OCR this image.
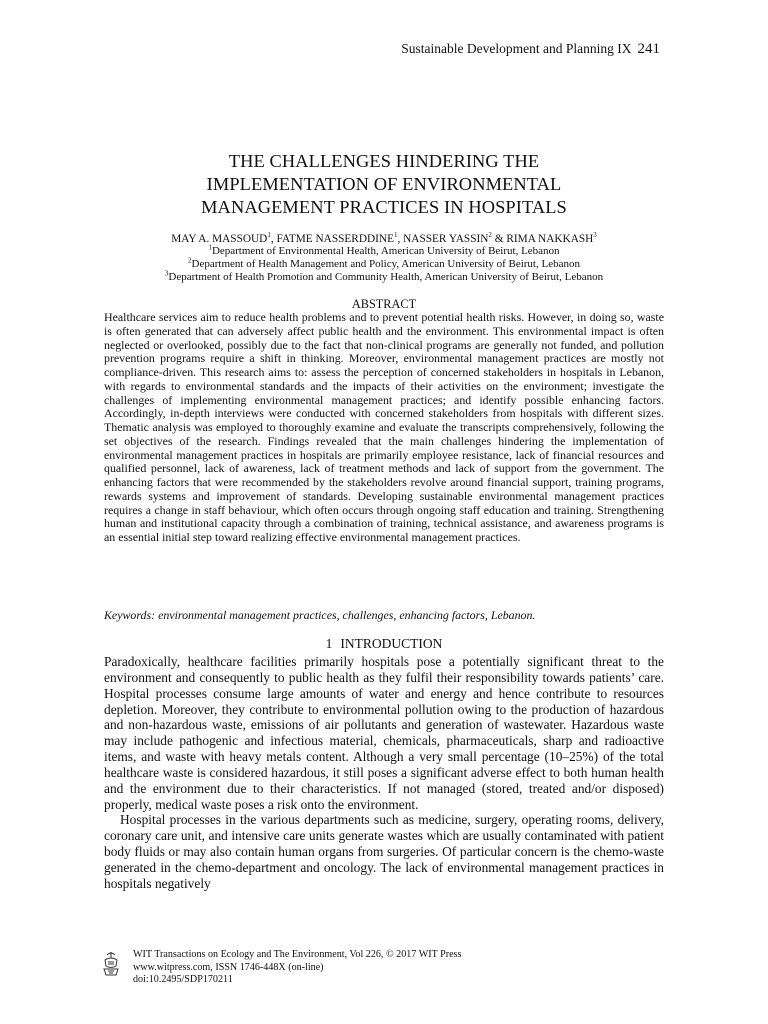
Sustainable Development and Planning IX 241
THE CHALLENGES HINDERING THE
IMPLEMENTATION OF ENVIRONMENTAL
MANAGEMENT PRACTICES IN HOSPITALS
MAY A. MASSOUD$^1$, FATME NASSERDDINE$^1$, NASSER YASSIN$^2$ & RIMA NAKKASH$^3$
$^1$Department of Environmental Health, American University of Beirut, Lebanon
$^2$Department of Health Management and Policy, American University of Beirut, Lebanon
$^3$Department of Health Promotion and Community Health, American University of Beirut, Lebanon
ABSTRACT

Healthcare services aim to reduce health problems and to prevent potential health risks. However, in doing so, waste is often generated that can adversely affect public health and the environment. This environmental impact is often neglected or overlooked, possibly due to the fact that non-clinical programs are generally not funded, and pollution prevention programs require a shift in thinking. Moreover, environmental management practices are mostly not compliance-driven. This research aims to: assess the perception of concerned stakeholders in hospitals in Lebanon, with regards to environmental standards and the impacts of their activities on the environment; investigate the challenges of implementing environmental management practices; and identify possible enhancing factors. Accordingly, in-depth interviews were conducted with concerned stakeholders from hospitals with different sizes. Thematic analysis was employed to thoroughly examine and evaluate the transcripts comprehensively, following the set objectives of the research. Findings revealed that the main challenges hindering the implementation of environmental management practices in hospitals are primarily employee resistance, lack of financial resources and qualified personnel, lack of awareness, lack of treatment methods and lack of support from the government. The enhancing factors that were recommended by the stakeholders revolve around financial support, training programs, rewards systems and improvement of standards. Developing sustainable environmental management practices requires a change in staff behaviour, which often occurs through ongoing staff education and training. Strengthening human and institutional capacity through a combination of training, technical assistance, and awareness programs is an essential initial step toward realizing effective environmental management practices.

Keywords: environmental management practices, challenges, enhancing factors, Lebanon.

1 INTRODUCTION

Paradoxically, healthcare facilities primarily hospitals pose a potentially significant threat to the environment and consequently to public health as they fulfil their responsibility towards patients’ care. Hospital processes consume large amounts of water and energy and hence contribute to resources depletion. Moreover, they contribute to environmental pollution owing to the production of hazardous and non-hazardous waste, emissions of air pollutants and generation of wastewater. Hazardous waste may include pathogenic and infectious material, chemicals, pharmaceuticals, sharp and radioactive items, and waste with heavy metals content. Although a very small percentage (10–25%) of the total healthcare waste is considered hazardous, it still poses a significant adverse effect to both human health and the environment due to their characteristics. If not managed (stored, treated and/or disposed) properly, medical waste poses a risk onto the environment.

Hospital processes in the various departments such as medicine, surgery, operating rooms, delivery, coronary care unit, and intensive care units generate wastes which are usually contaminated with patient body fluids or may also contain human organs from surgeries. Of particular concern is the chemo-waste generated in the chemo-department and oncology. The lack of environmental management practices in hospitals negatively

WIT Transactions on Ecology and The Environment, Vol 226, © 2017 WIT Press
www.witpress.com, ISSN 1746-448X (on-line)
doi:10.2495/SDP170211
